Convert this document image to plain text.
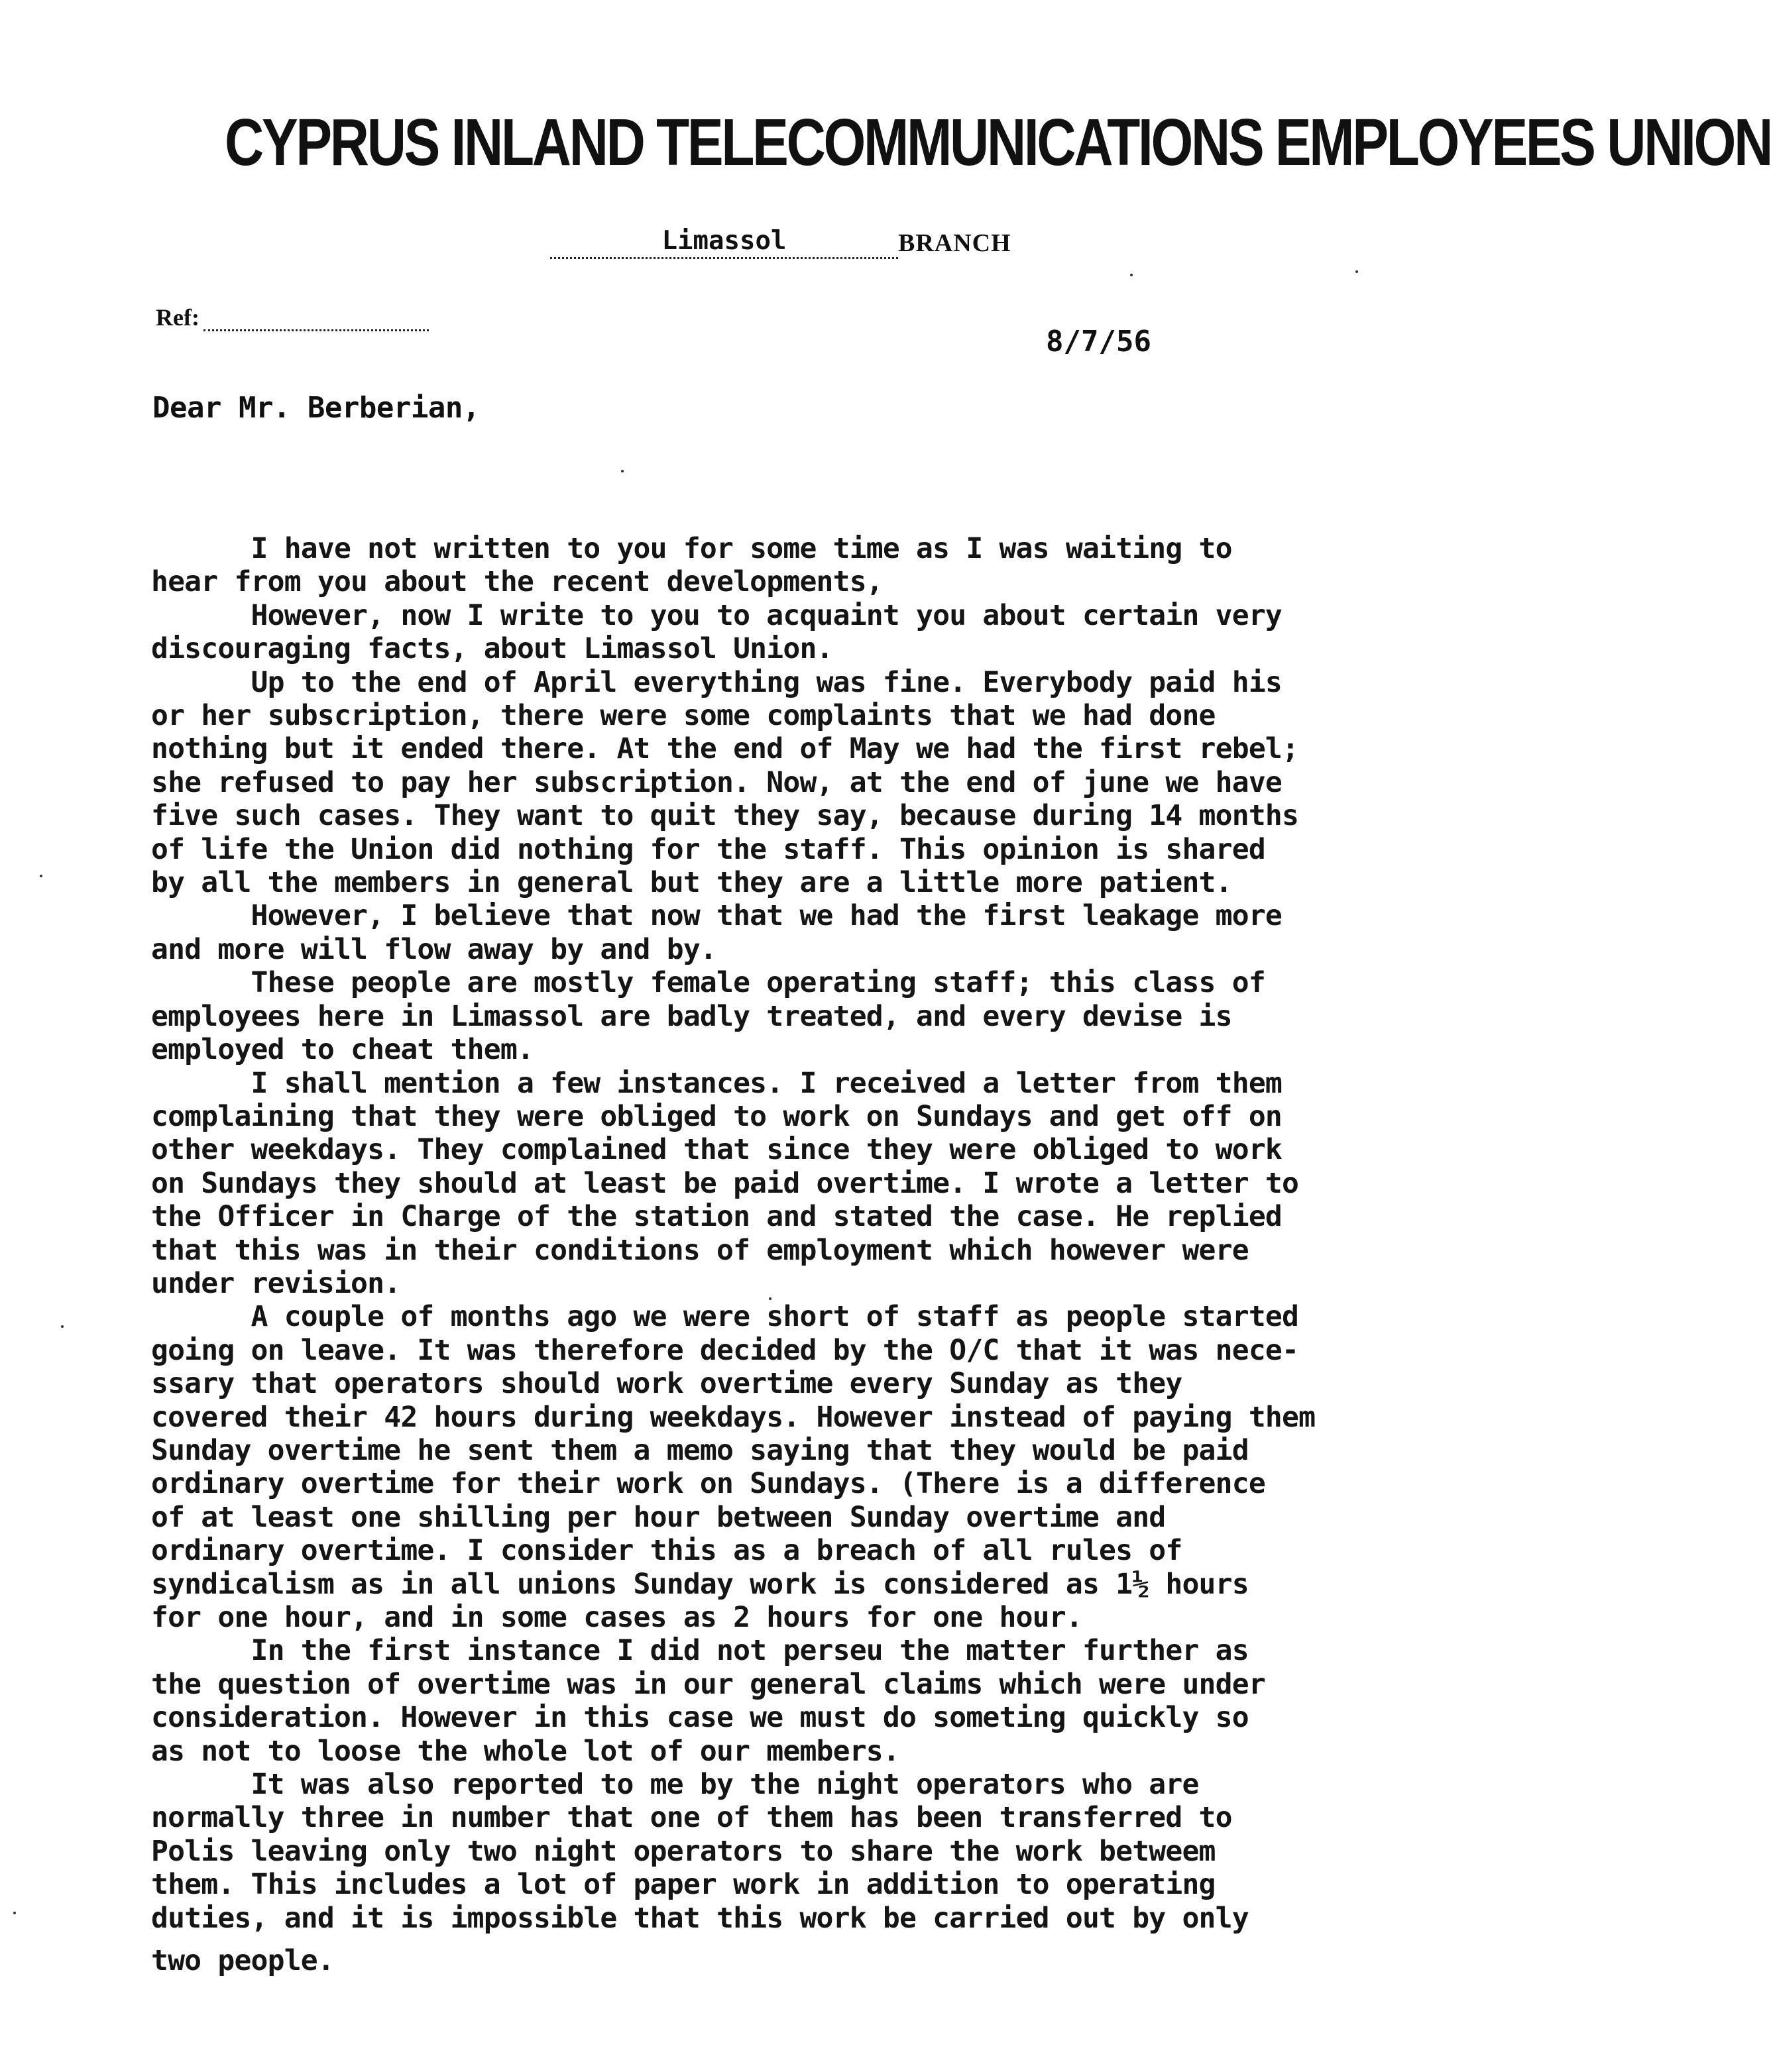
CYPRUS INLAND TELECOMMUNICATIONS EMPLOYEES UNION
Limassol	BRANCH
Ref:
8/7/56
Dear Mr. Berberian,
I have not written to you for some time as I was waiting to
hear from you about the recent developments,
However, now I write to you to acquaint you about certain very
discouraging facts, about Limassol Union.
Up to the end of April everything was fine. Everybody paid his
or her subscription, there were some complaints that we had done
nothing but it ended there. At the end of May we had the first rebel;
she refused to pay her subscription. Now, at the end of june we have
five such cases. They want to quit they say, because during 14 months
of life the Union did nothing for the staff. This opinion is shared
by all the members in general but they are a little more patient.
However, I believe that now that we had the first leakage more
and more will flow away by and by.
These people are mostly female operating staff; this class of
employees here in Limassol are badly treated, and every devise is
employed to cheat them.
I shall mention a few instances. I received a letter from them
complaining that they were obliged to work on Sundays and get off on
other weekdays. They complained that since they were obliged to work
on Sundays they should at least be paid overtime. I wrote a letter to
the Officer in Charge of the station and stated the case. He replied
that this was in their conditions of employment which however were
under revision.
A couple of months ago we were short of staff as people started
going on leave. It was therefore decided by the O/C that it was nece-
ssary that operators should work overtime every Sunday as they
covered their 42 hours during weekdays. However instead of paying them
Sunday overtime he sent them a memo saying that they would be paid
ordinary overtime for their work on Sundays. (There is a difference
of at least one shilling per hour between Sunday overtime and
ordinary overtime. I consider this as a breach of all rules of
syndicalism as in all unions Sunday work is considered as 1½ hours
for one hour, and in some cases as 2 hours for one hour.
In the first instance I did not perseu the matter further as
the question of overtime was in our general claims which were under
consideration. However in this case we must do someting quickly so
as not to loose the whole lot of our members.
It was also reported to me by the night operators who are
normally three in number that one of them has been transferred to
Polis leaving only two night operators to share the work betweem
them. This includes a lot of paper work in addition to operating
duties, and it is impossible that this work be carried out by only
two people.
